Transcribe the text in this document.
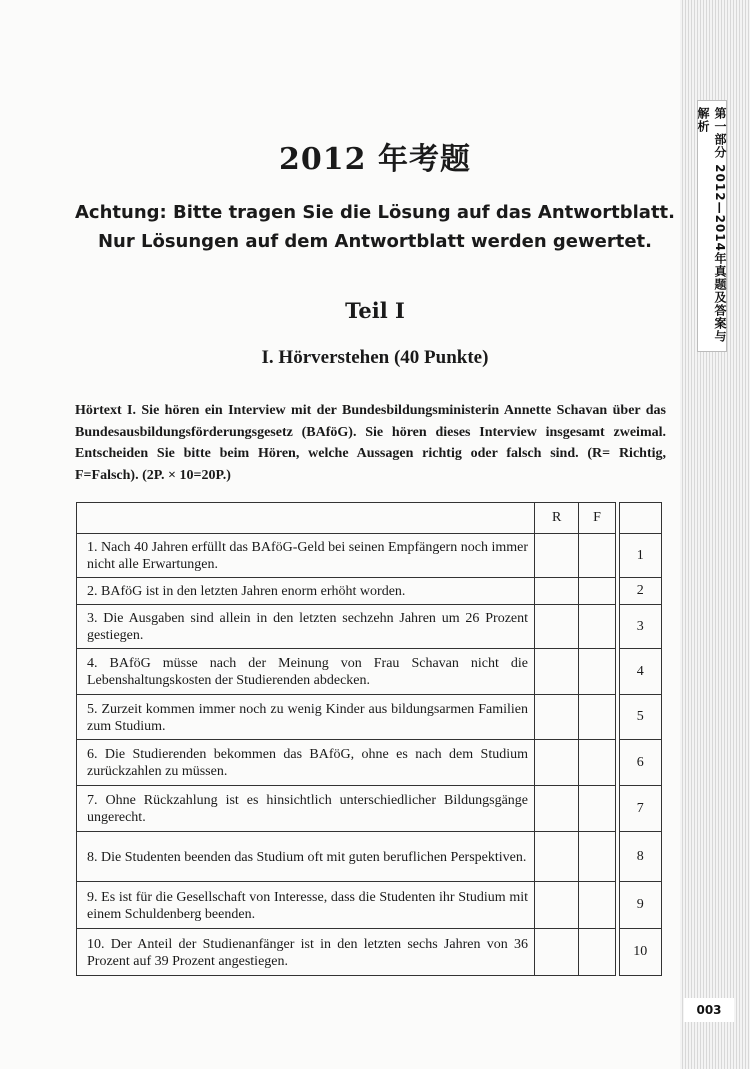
第一部分 2012—2014年真题及答案与解析
003
2012 年考题
Achtung: Bitte tragen Sie die Lösung auf das Antwortblatt.
Nur Lösungen auf dem Antwortblatt werden gewertet.
Teil I
I. Hörverstehen (40 Punkte)
Hörtext I. Sie hören ein Interview mit der Bundesbildungsministerin Annette Schavan über das Bundesausbildungsförderungsgesetz (BAföG). Sie hören dieses Interview insgesamt zweimal. Entscheiden Sie bitte beim Hören, welche Aussagen richtig oder falsch sind. (R= Richtig, F=Falsch). (2P. × 10=20P.)
	R	F		
1. Nach 40 Jahren erfüllt das BAföG-Geld bei seinen Empfängern noch immer nicht alle Erwartungen.				1
2. BAföG ist in den letzten Jahren enorm erhöht worden.				2
3. Die Ausgaben sind allein in den letzten sechzehn Jahren um 26 Prozent gestiegen.				3
4. BAföG müsse nach der Meinung von Frau Schavan nicht die Lebenshaltungskosten der Studierenden abdecken.				4
5. Zurzeit kommen immer noch zu wenig Kinder aus bildungsarmen Familien zum Studium.				5
6. Die Studierenden bekommen das BAföG, ohne es nach dem Studium zurückzahlen zu müssen.				6
7. Ohne Rückzahlung ist es hinsichtlich unterschiedlicher Bildungsgänge ungerecht.				7
8. Die Studenten beenden das Studium oft mit guten beruflichen Perspektiven.				8
9. Es ist für die Gesellschaft von Interesse, dass die Studenten ihr Studium mit einem Schuldenberg beenden.				9
10. Der Anteil der Studienanfänger ist in den letzten sechs Jahren von 36 Prozent auf 39 Prozent angestiegen.				10
